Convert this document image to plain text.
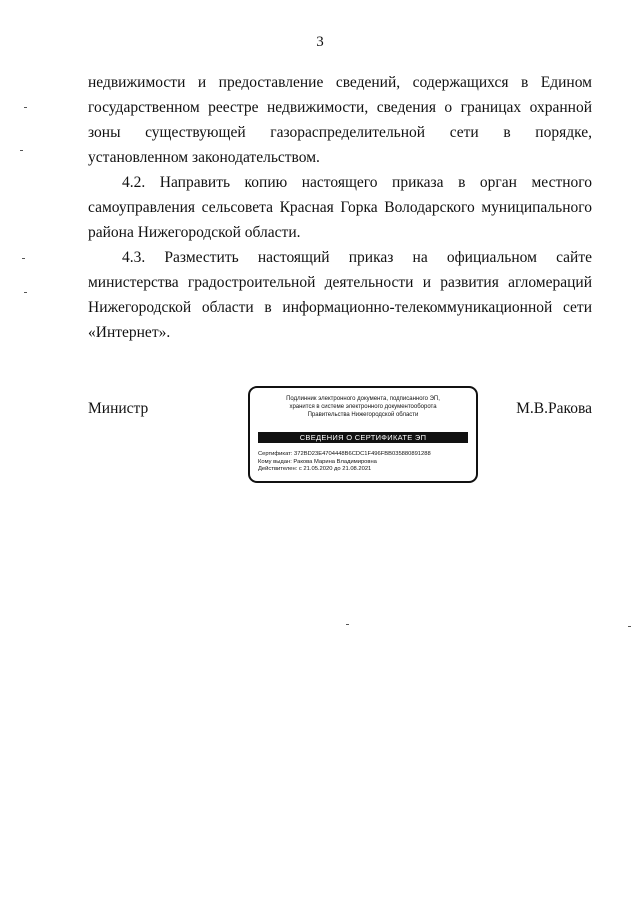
3

недвижимости и предоставление сведений, содержащихся в Едином государственном реестре недвижимости, сведения о границах охранной зоны существующей газораспределительной сети в порядке, установленном законодательством.

4.2. Направить копию настоящего приказа в орган местного самоуправления сельсовета Красная Горка Володарского муниципального района Нижегородской области.

4.3. Разместить настоящий приказ на официальном сайте министерства градостроительной деятельности и развития агломераций Нижегородской области в информационно-телекоммуникационной сети «Интернет».

Министр
Подлинник электронного документа, подписанного ЭП,
хранится в системе электронного документооборота
Правительства Нижегородской области
СВЕДЕНИЯ О СЕРТИФИКАТЕ ЭП
Сертификат: 372BD23E4704448B6CDC1F496FBB035880891288
Кому выдан: Ракова Марина Владимировна
Действителен: с 21.05.2020 до 21.08.2021
М.В.Ракова
